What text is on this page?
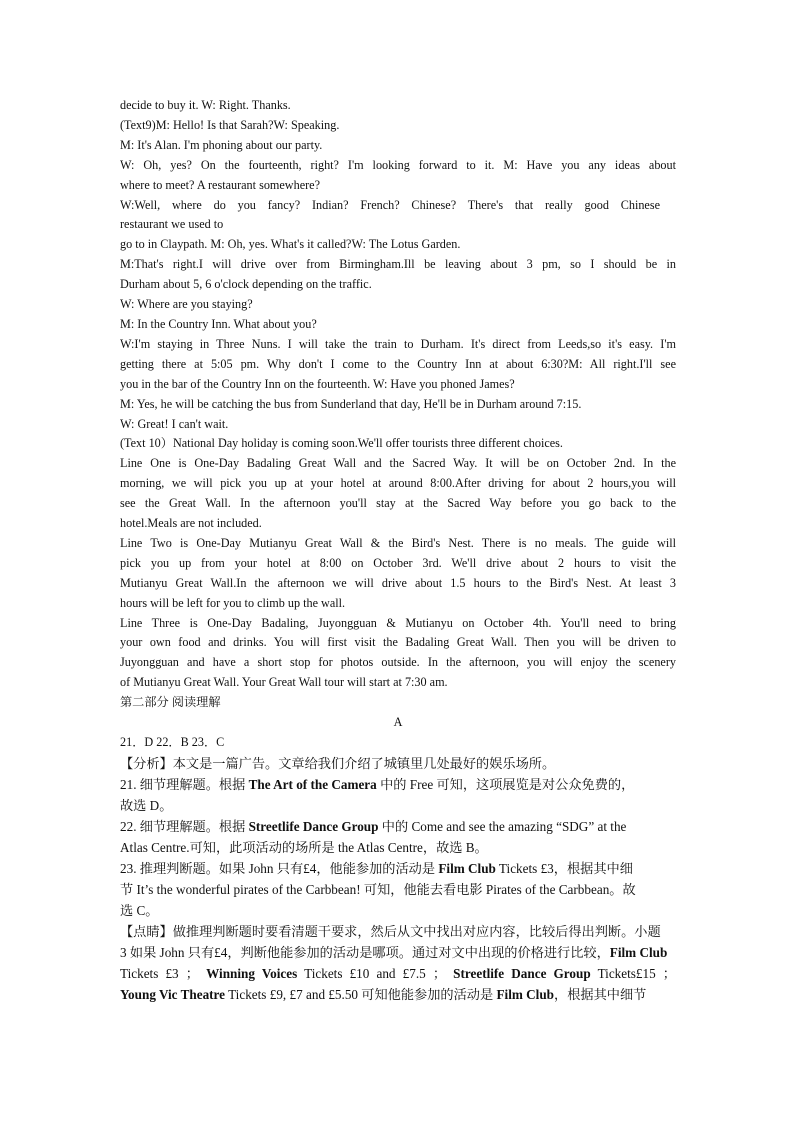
decide to buy it. W: Right. Thanks.
(Text9)M: Hello! Is that Sarah?W: Speaking.
M: It's Alan. I'm phoning about our party.
W: Oh, yes? On the fourteenth, right? I'm looking forward to it. M: Have you any ideas about
where to meet? A restaurant somewhere?
W:Well, where do you fancy? Indian? French? Chinese? There's that really good Chinese
restaurant we used to
go to in Claypath. M: Oh, yes. What's it called?W: The Lotus Garden.
M:That's right.I will drive over from Birmingham.Ill be leaving about 3 pm, so I should be in
Durham about 5, 6 o'clock depending on the traffic.
W: Where are you staying?
M: In the Country Inn. What about you?
W:I'm staying in Three Nuns. I will take the train to Durham. It's direct from Leeds,so it's easy. I'm
getting there at 5:05 pm. Why don't I come to the Country Inn at about 6:30?M: All right.I'll see
you in the bar of the Country Inn on the fourteenth. W: Have you phoned James?
M: Yes, he will be catching the bus from Sunderland that day, He'll be in Durham around 7:15.
W: Great! I can't wait.
(Text 10）National Day holiday is coming soon.We'll offer tourists three different choices.
Line One is One-Day Badaling Great Wall and the Sacred Way. It will be on October 2nd. In the
morning, we will pick you up at your hotel at around 8:00.After driving for about 2 hours,you will
see the Great Wall. In the afternoon you'll stay at the Sacred Way before you go back to the
hotel.Meals are not included.
Line Two is One-Day Mutianyu Great Wall & the Bird's Nest. There is no meals. The guide will
pick you up from your hotel at 8:00 on October 3rd. We'll drive about 2 hours to visit the
Mutianyu Great Wall.In the afternoon we will drive about 1.5 hours to the Bird's Nest. At least 3
hours will be left for you to climb up the wall.
Line Three is One-Day Badaling, Juyongguan & Mutianyu on October 4th. You'll need to bring
your own food and drinks. You will first visit the Badaling Great Wall. Then you will be driven to
Juyongguan and have a short stop for photos outside. In the afternoon, you will enjoy the scenery
of Mutianyu Great Wall. Your Great Wall tour will start at 7:30 am.
第二部分 阅读理解
A
21．D 22．B 23．C
【分析】本文是一篇广告。文章给我们介绍了城镇里几处最好的娱乐场所。
21. 细节理解题。根据 The Art of the Camera 中的 Free 可知，这项展览是对公众免费的，
故选 D。
22. 细节理解题。根据 Streetlife Dance Group 中的 Come and see the amazing “SDG” at the
Atlas Centre.可知，此项活动的场所是 the Atlas Centre，故选 B。
23. 推理判断题。如果 John 只有£4，他能参加的活动是 Film Club Tickets £3，根据其中细
节 It’s the wonderful pirates of the Carbbean! 可知，他能去看电影 Pirates of the Carbbean。故
选 C。
【点睛】做推理判断题时要看清题干要求，然后从文中找出对应内容，比较后得出判断。小题
3 如果 John 只有£4，判断他能参加的活动是哪项。通过对文中出现的价格进行比较，Film Club
Tickets £3 ； Winning Voices Tickets £10 and £7.5 ； Streetlife Dance Group Tickets£15 ；
Young Vic Theatre Tickets £9, £7 and £5.50 可知他能参加的活动是 Film Club，根据其中细节
